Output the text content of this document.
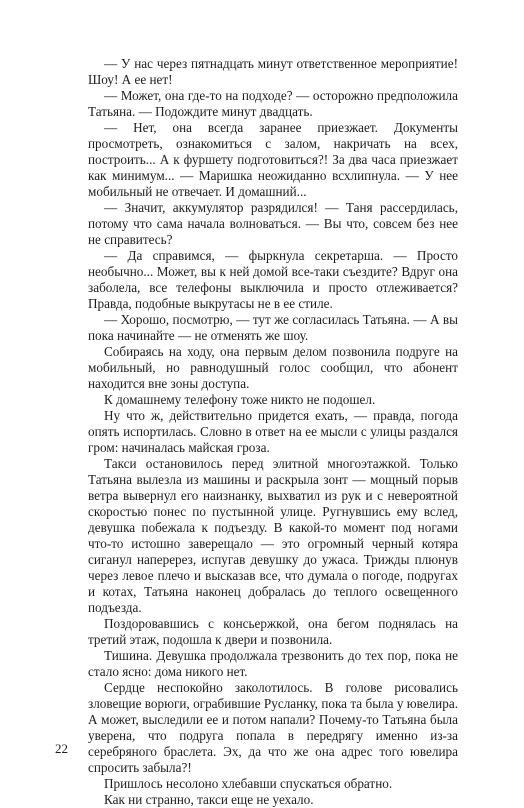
— У нас через пятнадцать минут ответственное мероприятие! Шоу! А ее нет!

— Может, она где-то на подходе? — осторожно предположила Татьяна. — Подождите минут двадцать.

— Нет, она всегда заранее приезжает. Документы просмотреть, ознакомиться с залом, накричать на всех, построить... А к фуршету подготовиться?! За два часа приезжает как минимум... — Маришка неожиданно всхлипнула. — У нее мобильный не отвечает. И домашний...

— Значит, аккумулятор разрядился! — Таня рассердилась, потому что сама начала волноваться. — Вы что, совсем без нее не справитесь?

— Да справимся, — фыркнула секретарша. — Просто необычно... Может, вы к ней домой все-таки съездите? Вдруг она заболела, все телефоны выключила и просто отлеживается? Правда, подобные выкрутасы не в ее стиле.

— Хорошо, посмотрю, — тут же согласилась Татьяна. — А вы пока начинайте — не отменять же шоу.

Собираясь на ходу, она первым делом позвонила подруге на мобильный, но равнодушный голос сообщил, что абонент находится вне зоны доступа.

К домашнему телефону тоже никто не подошел.

Ну что ж, действительно придется ехать, — правда, погода опять испортилась. Словно в ответ на ее мысли с улицы раздался гром: начиналась майская гроза.

Такси остановилось перед элитной многоэтажкой. Только Татьяна вылезла из машины и раскрыла зонт — мощный порыв ветра вывернул его наизнанку, выхватил из рук и с невероятной скоростью понес по пустынной улице. Ругнувшись ему вслед, девушка побежала к подъезду. В какой-то момент под ногами что-то истошно заверещало — это огромный черный котяра сиганул наперерез, испугав девушку до ужаса. Трижды плюнув через левое плечо и высказав все, что думала о погоде, подругах и котах, Татьяна наконец добралась до теплого освещенного подъезда.

Поздоровавшись с консьержкой, она бегом поднялась на третий этаж, подошла к двери и позвонила.

Тишина. Девушка продолжала трезвонить до тех пор, пока не стало ясно: дома никого нет.

Сердце неспокойно заколотилось. В голове рисовались зловещие ворюги, ограбившие Русланку, пока та была у ювелира. А может, выследили ее и потом напали? Почему-то Татьяна была уверена, что подруга попала в передрягу именно из-за серебряного браслета. Эх, да что же она адрес того ювелира спросить забыла?!

Пришлось несолоно хлебавши спускаться обратно.

Как ни странно, такси еще не уехало.

22
